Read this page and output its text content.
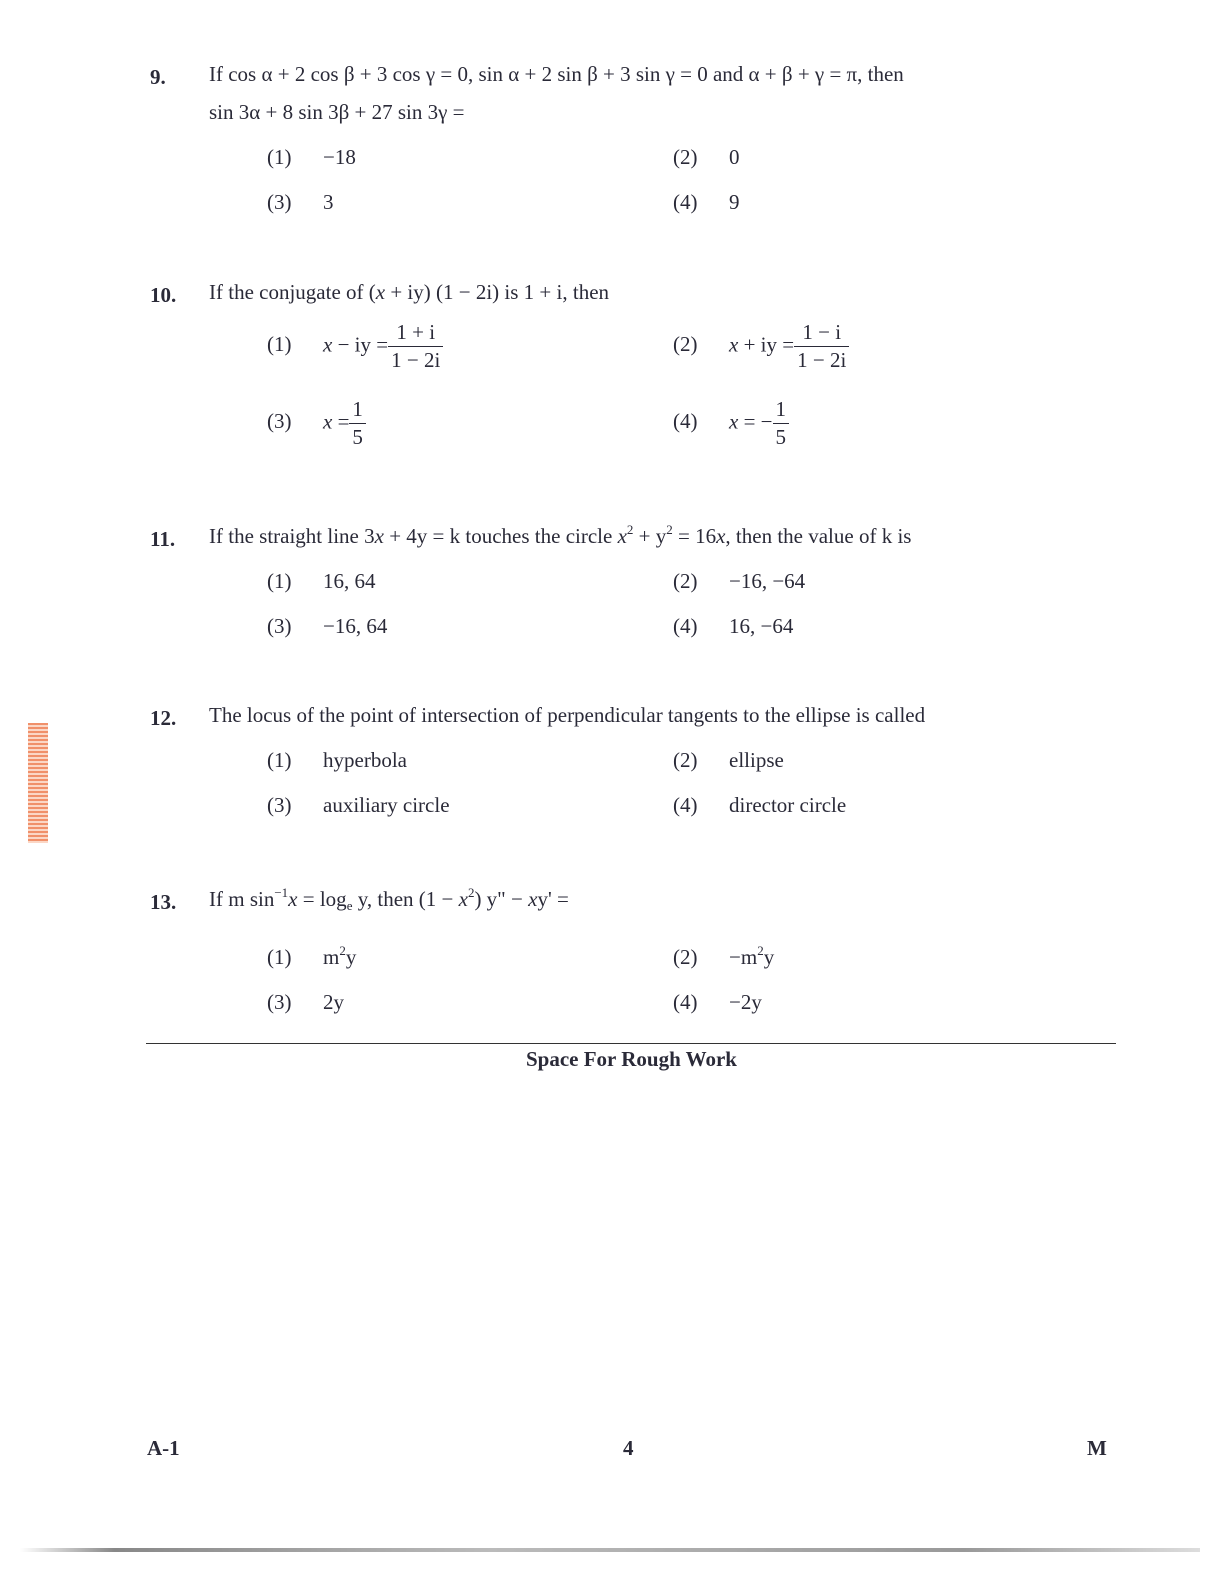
9. If cos α + 2 cos β + 3 cos γ = 0, sin α + 2 sin β + 3 sin γ = 0 and α + β + γ = π, then
sin 3α + 8 sin 3β + 27 sin 3γ =
(1) −18	(2) 0
(3) 3	(4) 9
10. If the conjugate of (x + iy) (1 − 2i) is 1 + i, then
(1) x − iy = $\frac{1 + i}{1 - 2i}$	(2) x + iy = $\frac{1 - i}{1 - 2i}$
(3) $x = \frac{1}{5}$	(4) x = − $\frac{1}{5}$
11. If the straight line 3x + 4y = k touches the circle $x^2 + y^2 = 16x$, then the value of k is
(1) 16, 64	(2) −16, −64
(3) −16, 64	(4) 16, −64
12. The locus of the point of intersection of perpendicular tangents to the ellipse is called
(1) hyperbola	(2) ellipse
(3) auxiliary circle	(4) director circle
13. If m $\sin^{-1}x = \log_e y$, then $(1 - x^2)$ y" − xy' =
(1) $m^2y$	$(2) -m^2y$
(3) 2y	(4) −2y
Space For Rough Work
A-1	4	M
